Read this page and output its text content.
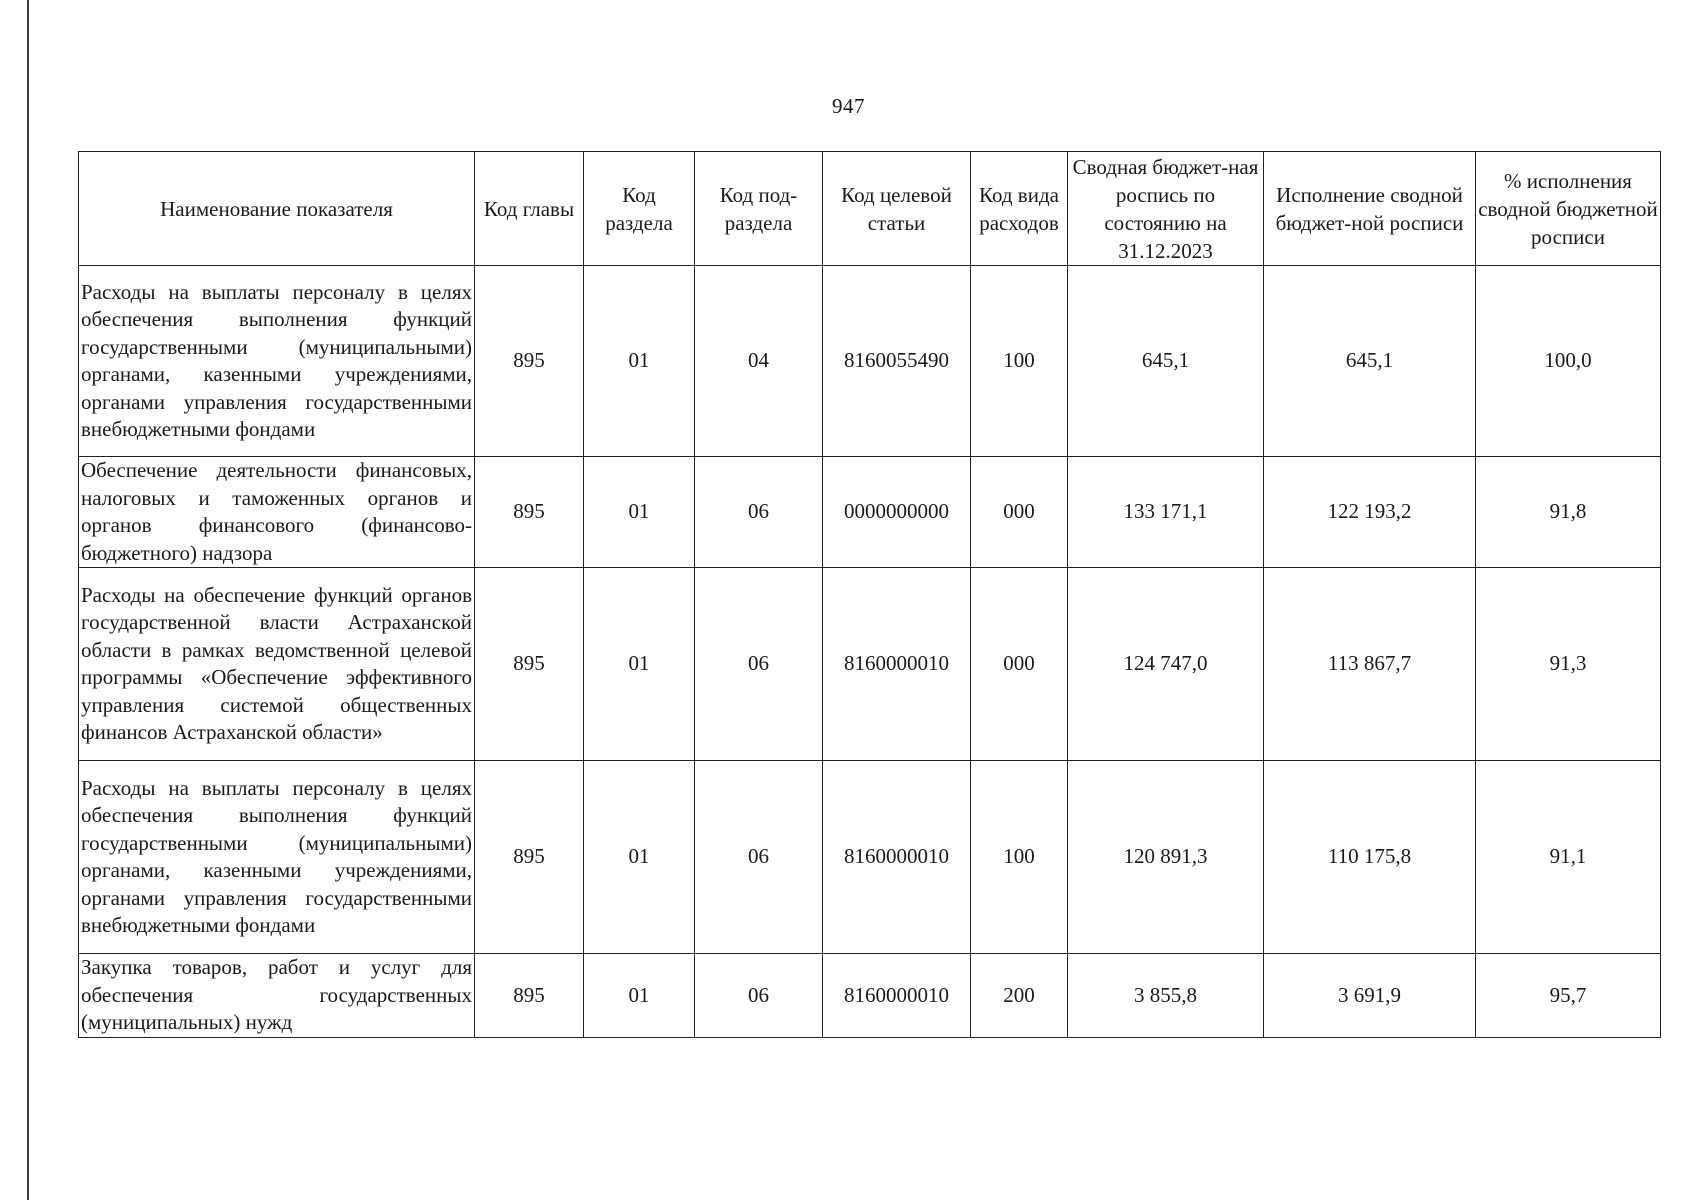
947
Наименование показателя	Код главы	Код раздела	Код под-раздела	Код целевой статьи	Код вида расходов	Сводная бюджет-ная роспись по состоянию на 31.12.2023	Исполнение сводной бюджет-ной росписи	% исполнения сводной бюджетной росписи
Расходы на выплаты персоналу в целях обеспечения выполнения функций государственными (муниципальными) органами, казенными учреждениями, органами управления государственными внебюджетными фондами	895	01	04	8160055490	100	645,1	645,1	100,0
Обеспечение деятельности финансовых, налоговых и таможенных органов и органов финансового (финансово-бюджетного) надзора	895	01	06	0000000000	000	133 171,1	122 193,2	91,8
Расходы на обеспечение функций органов государственной власти Астраханской области в рамках ведомственной целевой программы «Обеспечение эффективного управления системой общественных финансов Астраханской области»	895	01	06	8160000010	000	124 747,0	113 867,7	91,3
Расходы на выплаты персоналу в целях обеспечения выполнения функций государственными (муниципальными) органами, казенными учреждениями, органами управления государственными внебюджетными фондами	895	01	06	8160000010	100	120 891,3	110 175,8	91,1
Закупка товаров, работ и услуг для обеспечения государственных (муниципальных) нужд	895	01	06	8160000010	200	3 855,8	3 691,9	95,7
